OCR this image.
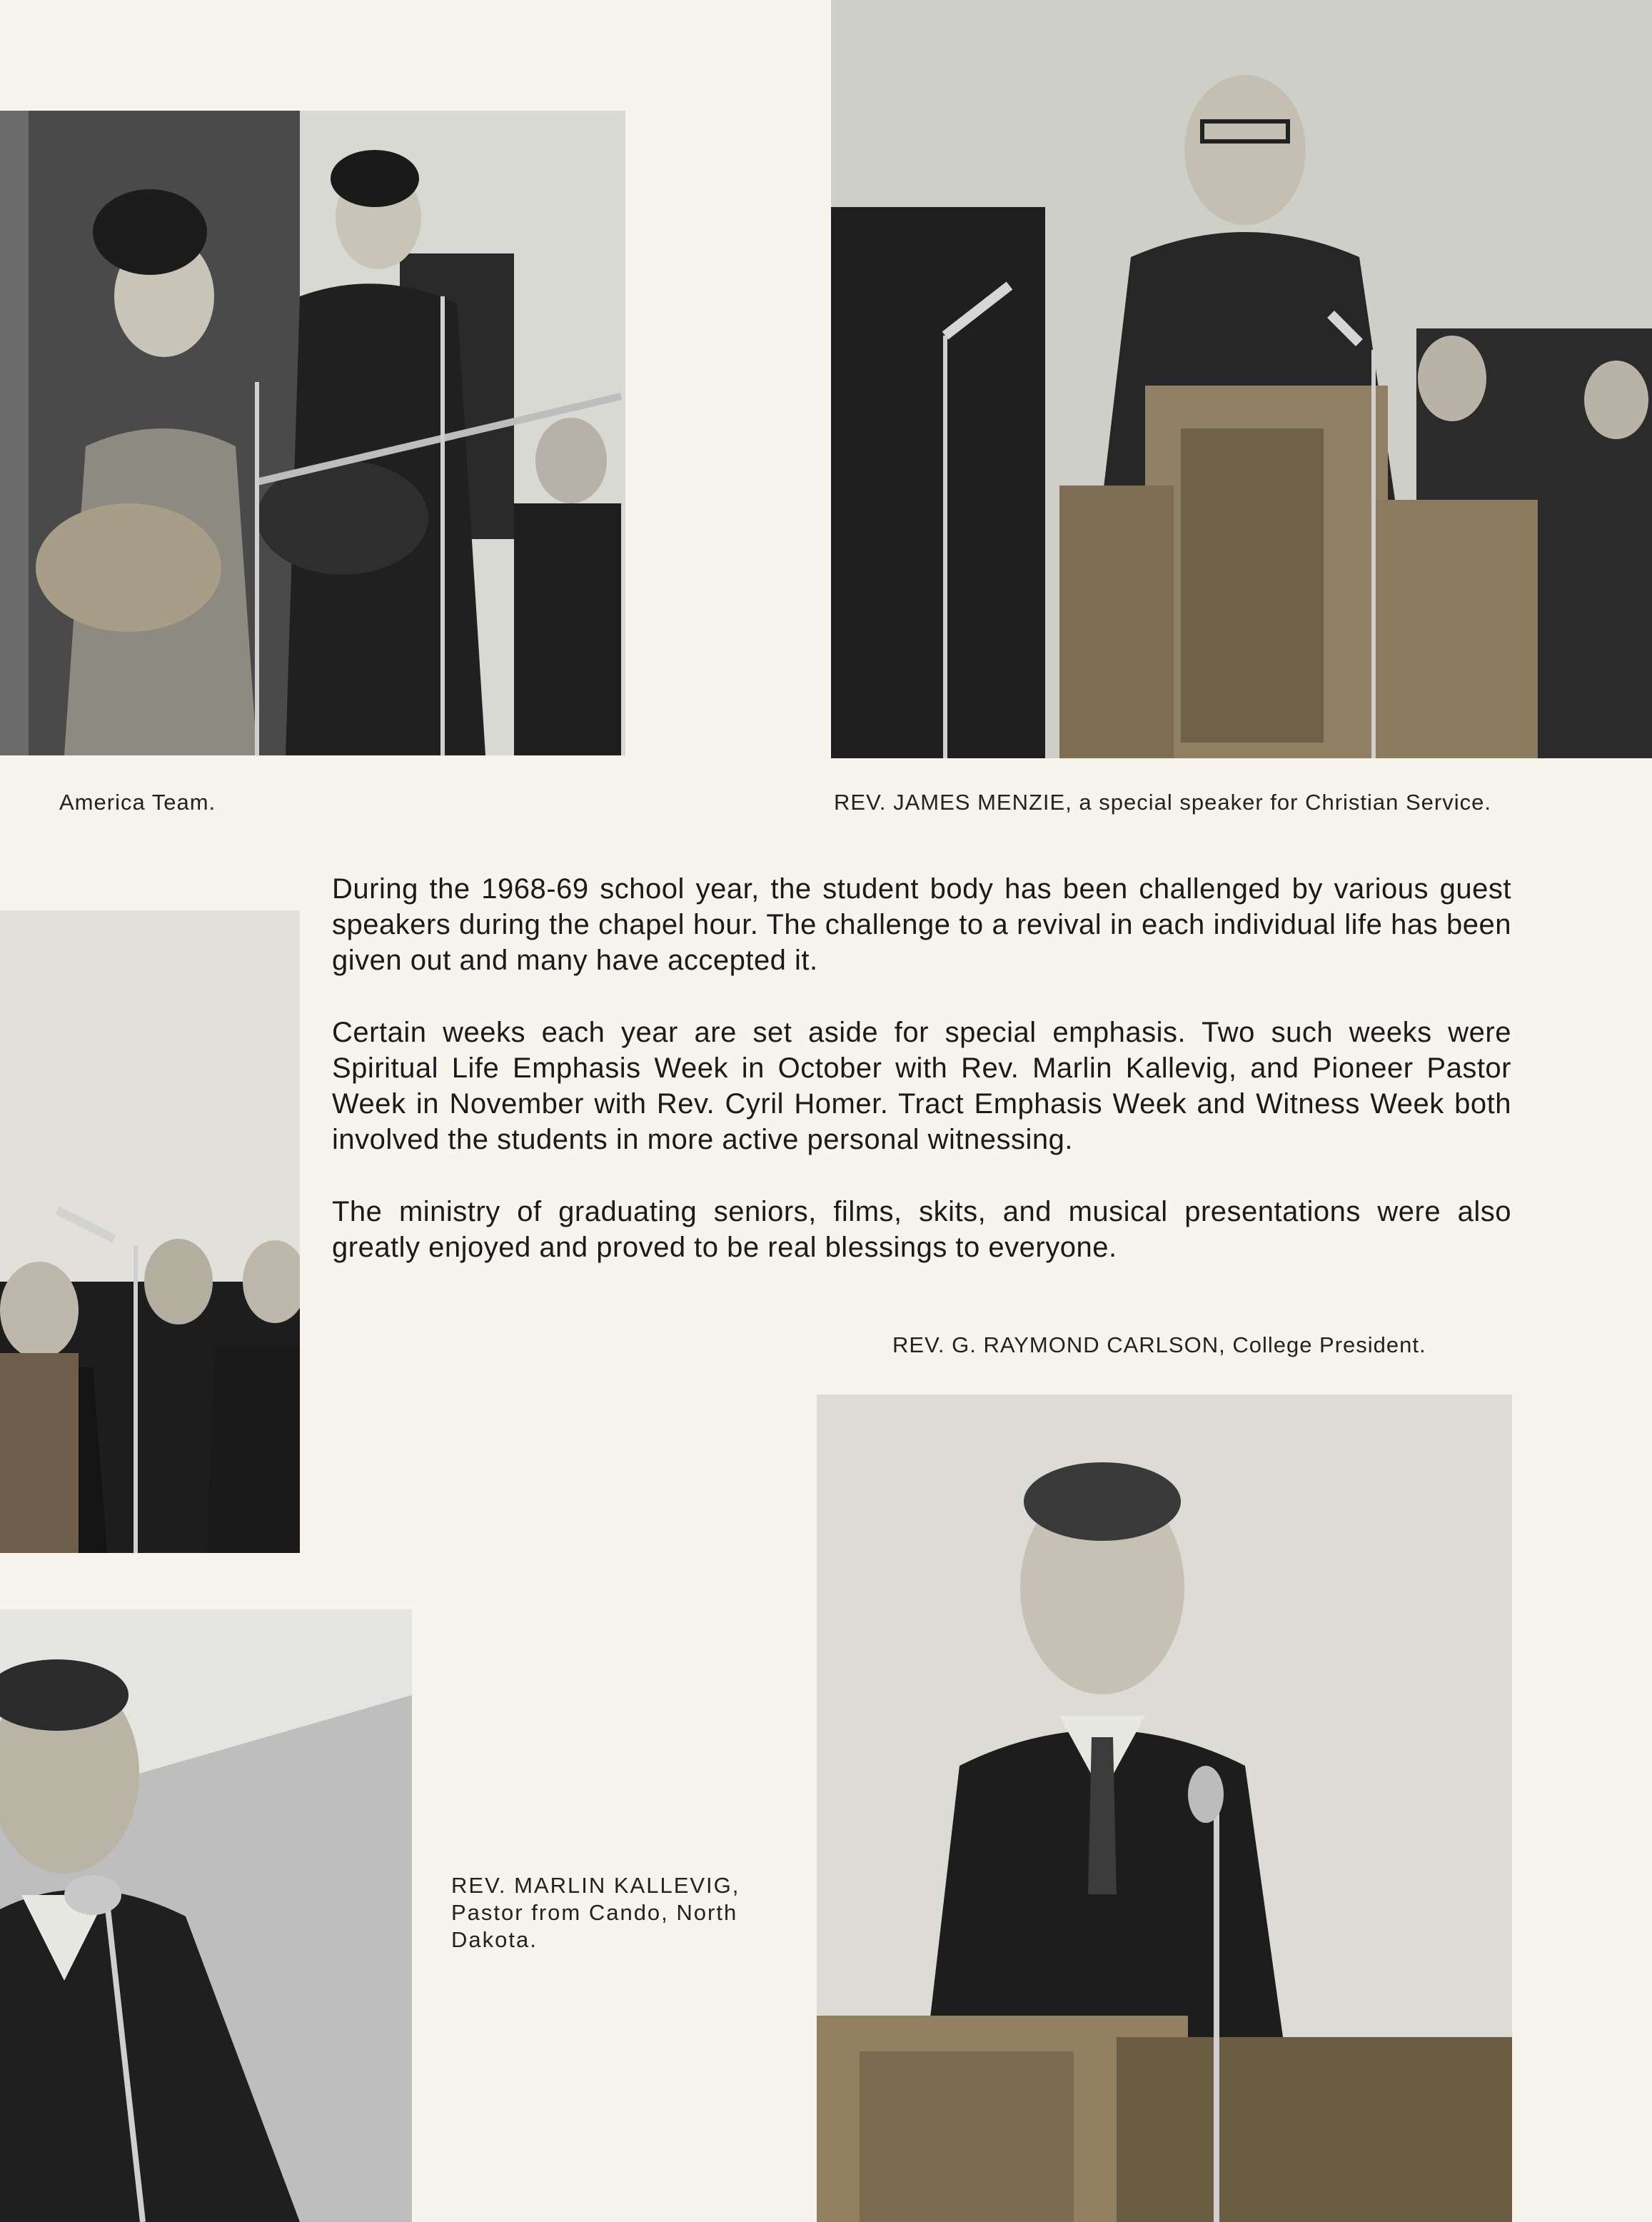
America Team.	REV. JAMES MENZIE, a special speaker for Christian Service.

During the 1968-69 school year, the student body has been challenged by various guest speakers during the chapel hour. The challenge to a revival in each individual life has been given out and many have accepted it.

Certain weeks each year are set aside for special emphasis. Two such weeks were Spiritual Life Emphasis Week in October with Rev. Marlin Kallevig, and Pioneer Pastor Week in November with Rev. Cyril Homer. Tract Emphasis Week and Witness Week both involved the students in more active personal witnessing.

The ministry of graduating seniors, films, skits, and musical presentations were also greatly enjoyed and proved to be real blessings to everyone.

REV. G. RAYMOND CARLSON, College President.
REV. MARLIN KALLEVIG, Pastor from Cando, North Dakota.
